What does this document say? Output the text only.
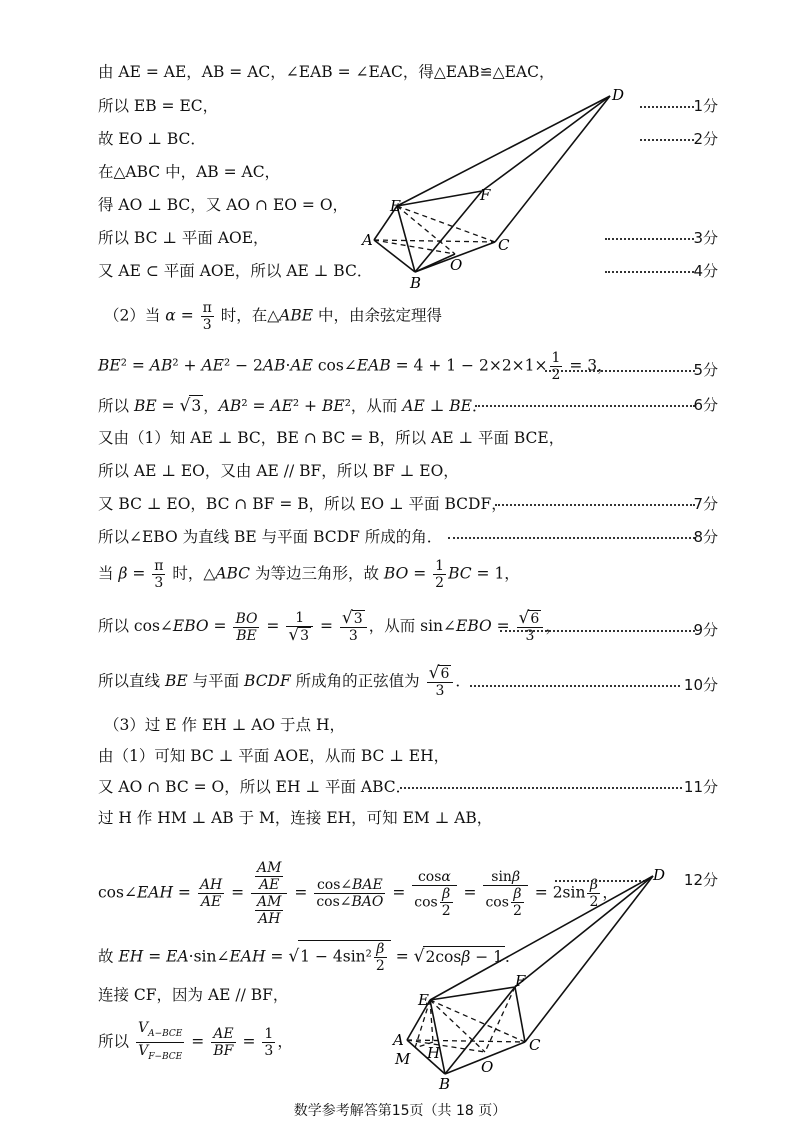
由 AE = AE，AB = AC，∠EAB = ∠EAC，得△EAB≌△EAC，
所以 EB = EC，
故 EO ⊥ BC．
在△ABC 中，AB = AC，
得 AO ⊥ BC，又 AO ∩ EO = O，
所以 BC ⊥ 平面 AOE，
又 AE ⊂ 平面 AOE，所以 AE ⊥ BC．
1分
2分
3分
4分
D
E
F
A	C
O
B
（2）当 $\alpha = \frac{\pi}{3}$ 时，在△ABE 中，由余弦定理得
BE² = AB² + AE² − 2AB·AE cos∠EAB = $4 + 1 - 2\times 2\times 1\times \frac{1}{2} = 3$，	5分
所以 BE = √3 ，AB² = AE² + BE²，从而 AE ⊥ BE．	6分
又由（1）知 AE ⊥ BC，BE ∩ BC = B，所以 AE ⊥ 平面 BCE，
所以 AE ⊥ EO，又由 AE // BF，所以 BF ⊥ EO，
又 BC ⊥ EO，BC ∩ BF = B，所以 EO ⊥ 平面 BCDF，	7分
所以∠EBO 为直线 BE 与平面 BCDF 所成的角．	8分
当 $\beta = \frac{\pi}{3}$ 时，△ABC 为等边三角形，故 BO = $\frac{1}{2}$ BC = 1，
所以 cos∠EBO = $\frac{BO}{BE} = \frac{1}{√3} = \frac{√3}{3}$ ，从而 sin∠EBO = $\frac{√6}{3}$ ，	9分
所以直线 BE 与平面 BCDF 所成角的正弦值为 $\frac{√6}{3}$ ．	10分
（3）过 E 作 EH ⊥ AO 于点 H，
由（1）可知 BC ⊥ 平面 AOE，从而 BC ⊥ EH，
又 AO ∩ BC = O，所以 EH ⊥ 平面 ABC．	11分
过 H 作 HM ⊥ AB 于 M，连接 EH，可知 EM ⊥ AB，
cos∠EAH = $\frac{AH}{AE} = \frac{\frac{AM}{AE}}{\frac{AM}{AH}} = \frac{\text{cos∠BAE}}{\text{cos∠BAO}} = \frac{\cos\alpha}{\cos \frac{\beta}{2}} = \frac{\sin\beta}{\cos \frac{\beta}{2}} = 2\sin \frac{\beta}{2}$ ，
12分
故 EH = EA·sin∠EAH = $√1 - 4\sin^2 \frac{\beta}{2} = √2\cos\beta - 1$ ．
连接 CF，因为 AE // BF，
所以 $\frac{V_{A-BCE}}{V_{F-BCE}} = \frac{AE}{BF} = \frac{1}{3}$ ，
D
E
F
A
M H	C
O
B
数学参考解答第15页（共 18 页）
